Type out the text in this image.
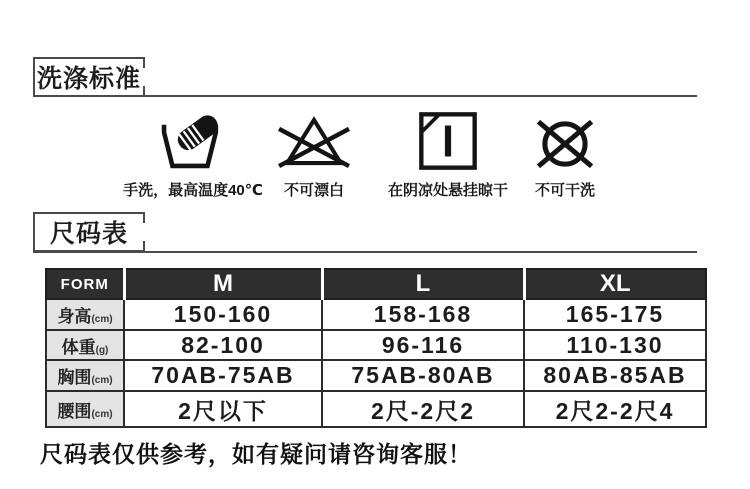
洗涤标准
手洗，最高温度40℃	不可漂白	在阴凉处悬挂晾干	不可干洗
尺码表
FORM	M	L	XL
身高(cm)	150-160	158-168	165-175
体重(g)	82-100	96-116	110-130
胸围(cm)	70AB-75AB	75AB-80AB	80AB-85AB
腰围(cm)	2尺以下	2尺-2尺2	2尺2-2尺4
尺码表仅供参考，如有疑问请咨询客服！
